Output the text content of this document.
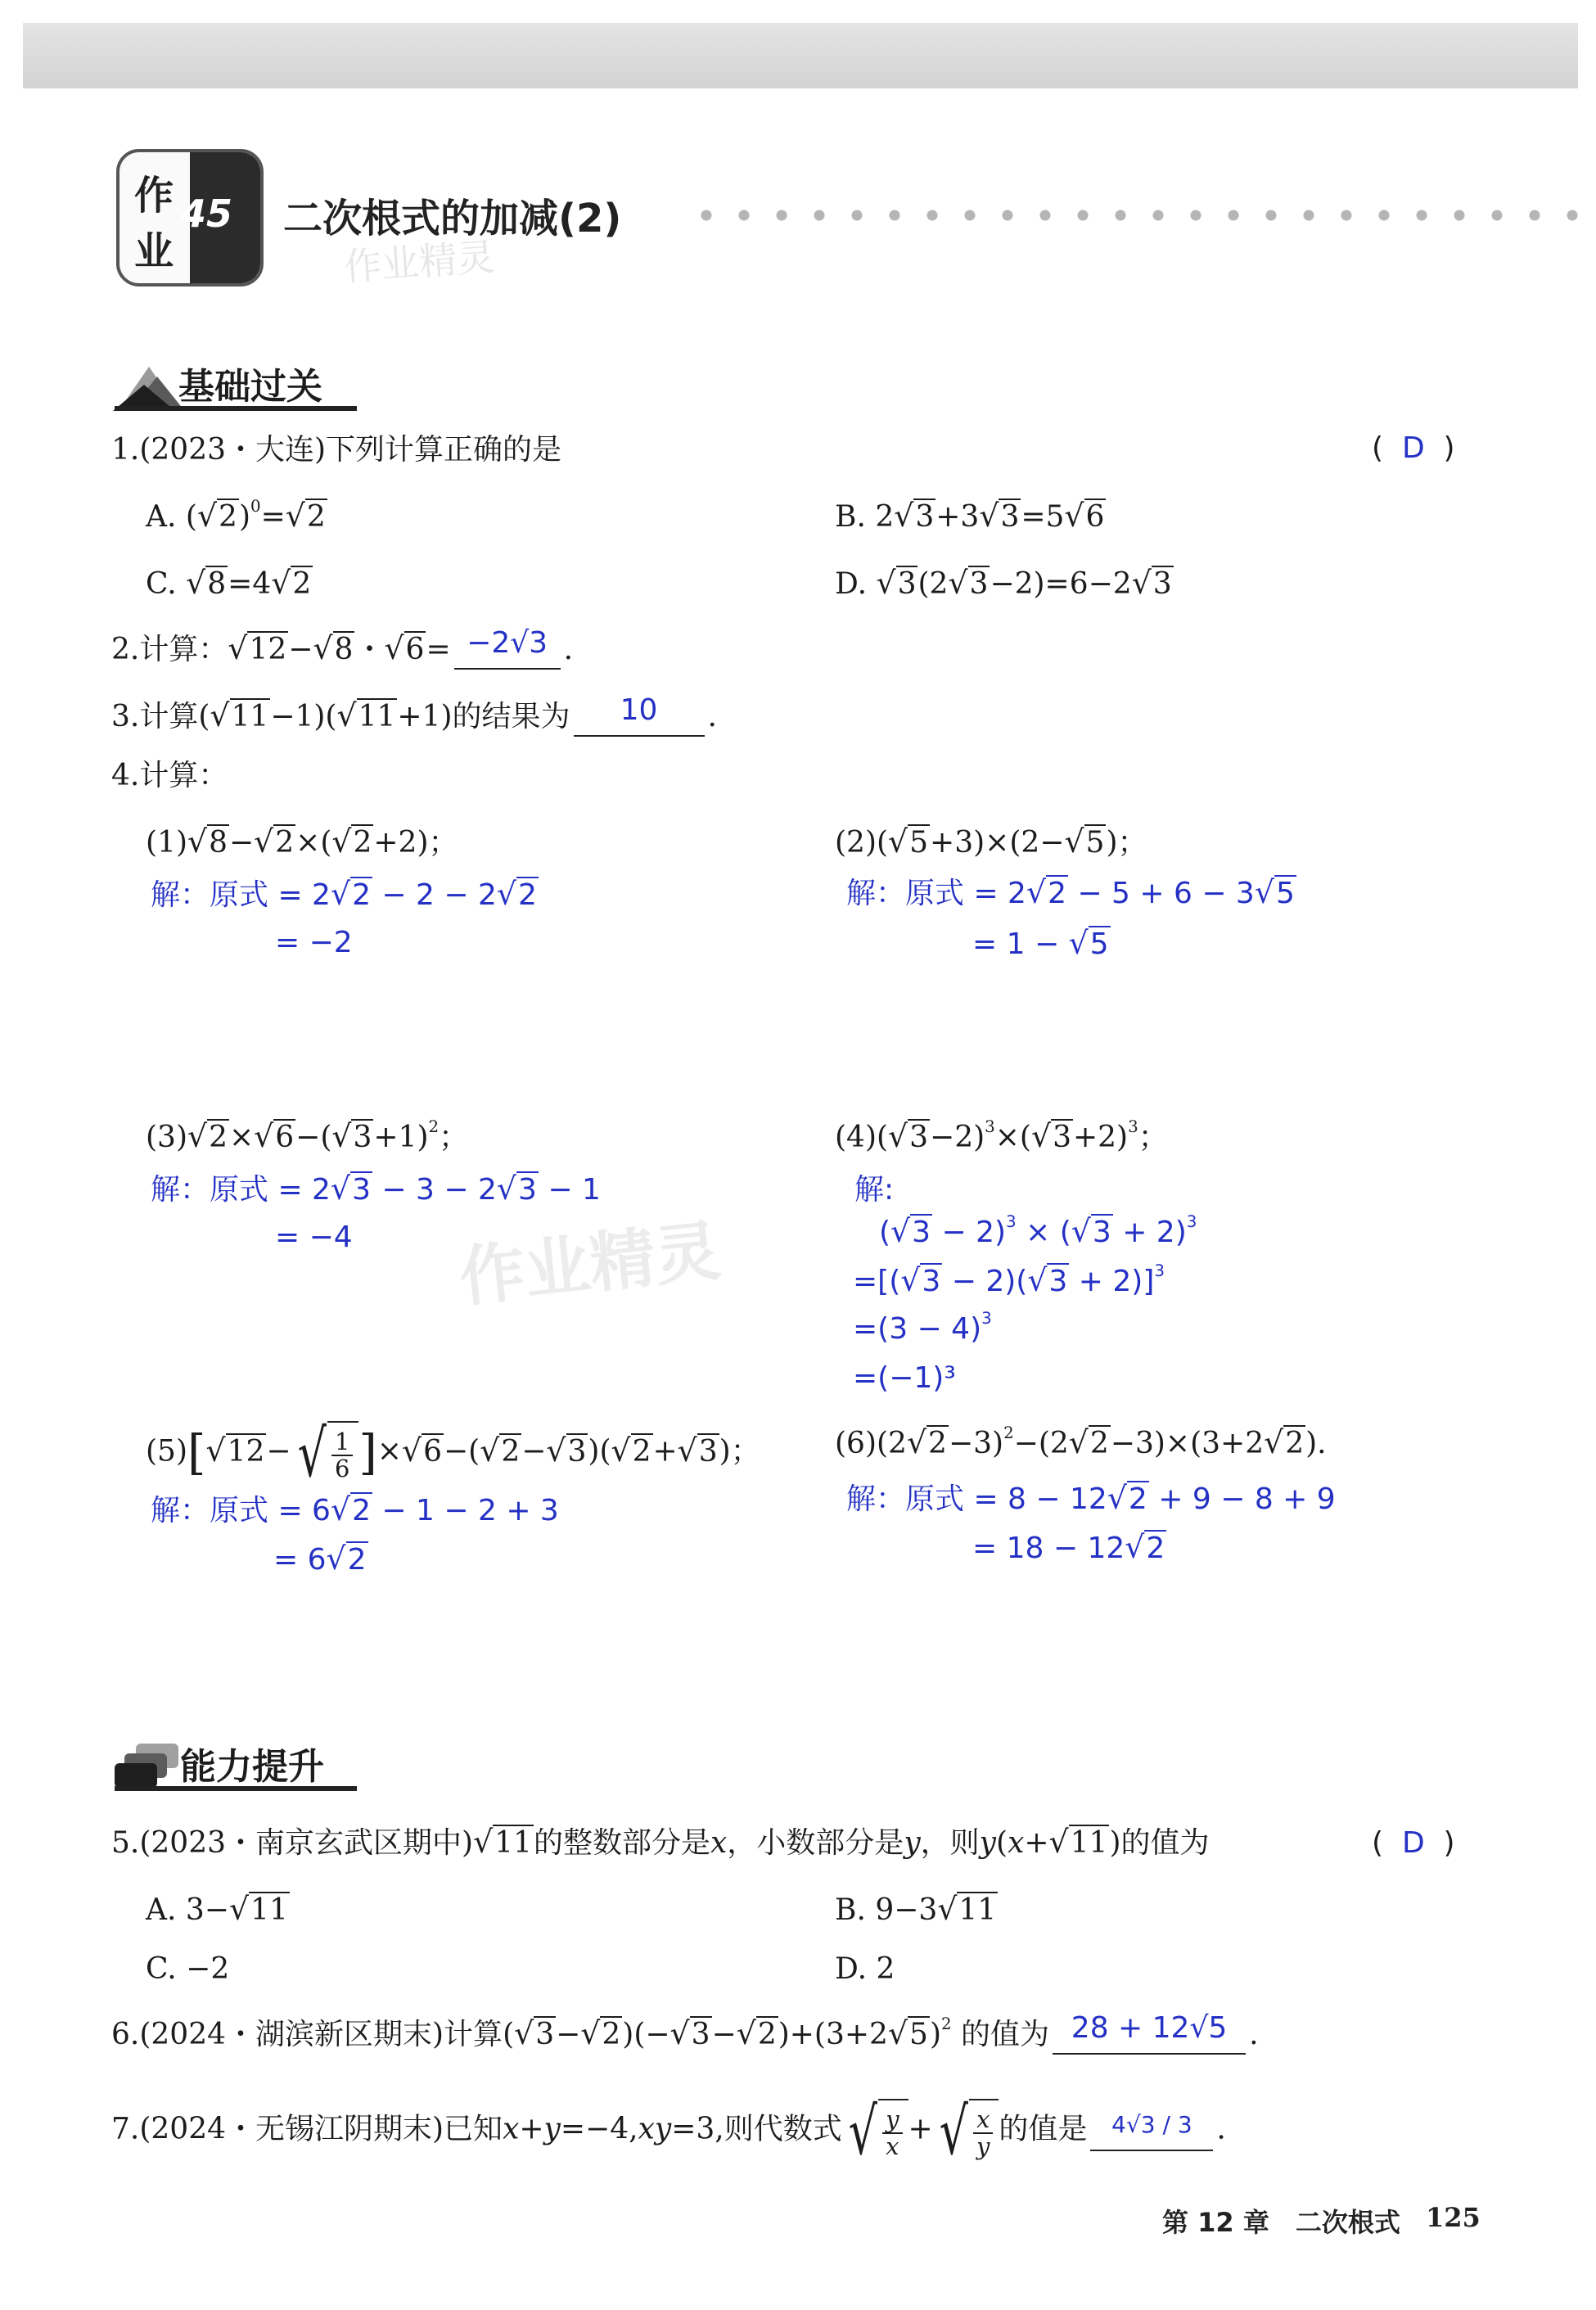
作
业
45 二次根式的加减(2)
作业精灵
基础过关
1.(2023・大连)下列计算正确的是	(  D  )
A. $(√2)^0=√2$	B. 2√3+3√3=5√6
C. √8=4√2	D. √3(2√3−2)=6−2√3
2.计算：√12−√8・√6= −2√3 .
3.计算(√11−1)(√11+1)的结果为 10 .
4.计算：
(1)√8−√2×(√2+2)；
解：原式 = 2√2 − 2 − 2√2
= −2
(2)(√5+3)×(2−√5)；
解：原式 = 2√2 − 5 + 6 − 3√5
= 1 − √5
$(3)√2\times√6-(√3+1)^2$；
解：原式 = 2√3 − 3 − 2√3 − 1
= −4 作业精灵
$(4)(√3-2)^3\times(√3+2)^3$；
解:
$(√3 - 2)^3 \times (√3 + 2)^3$
$=[(√3 - 2)(√3 + 2)]^3$
$=(3 - 4)^3$
=(−1)³
(5)[√12− √ $\frac{1}{6} ]\times√6-(√2-√3)(√2+√3)$；
解：原式 = 6√2 − 1 − 2 + 3
= 6√2
$(6)(2√2-3)^2-(2√2-3)\times(3+2√2)$.
解：原式 = 8 − 12√2 + 9 − 8 + 9
= 18 − 12√2
能力提升
5.(2023・南京玄武区期中)√11的整数部分是x，小数部分是y，则y(x+√11)的值为	(  D  )
A. 3−√11	B. 9−3√11
C. −2	D. 2
6.(2024・湖滨新区期末)计算$(√3-√2)(-√3-√2)+(3+2√5)^2$ 的值为 28 + 12√5 .
7.(2024・无锡江阴期末)已知x+y=−4,xy=3,则代数式 √ $\frac{y}{x}$ + √ $\frac{x}{y}$ 的值是 $^{4√3 / 3}$ .
第 12 章　二次根式 125
